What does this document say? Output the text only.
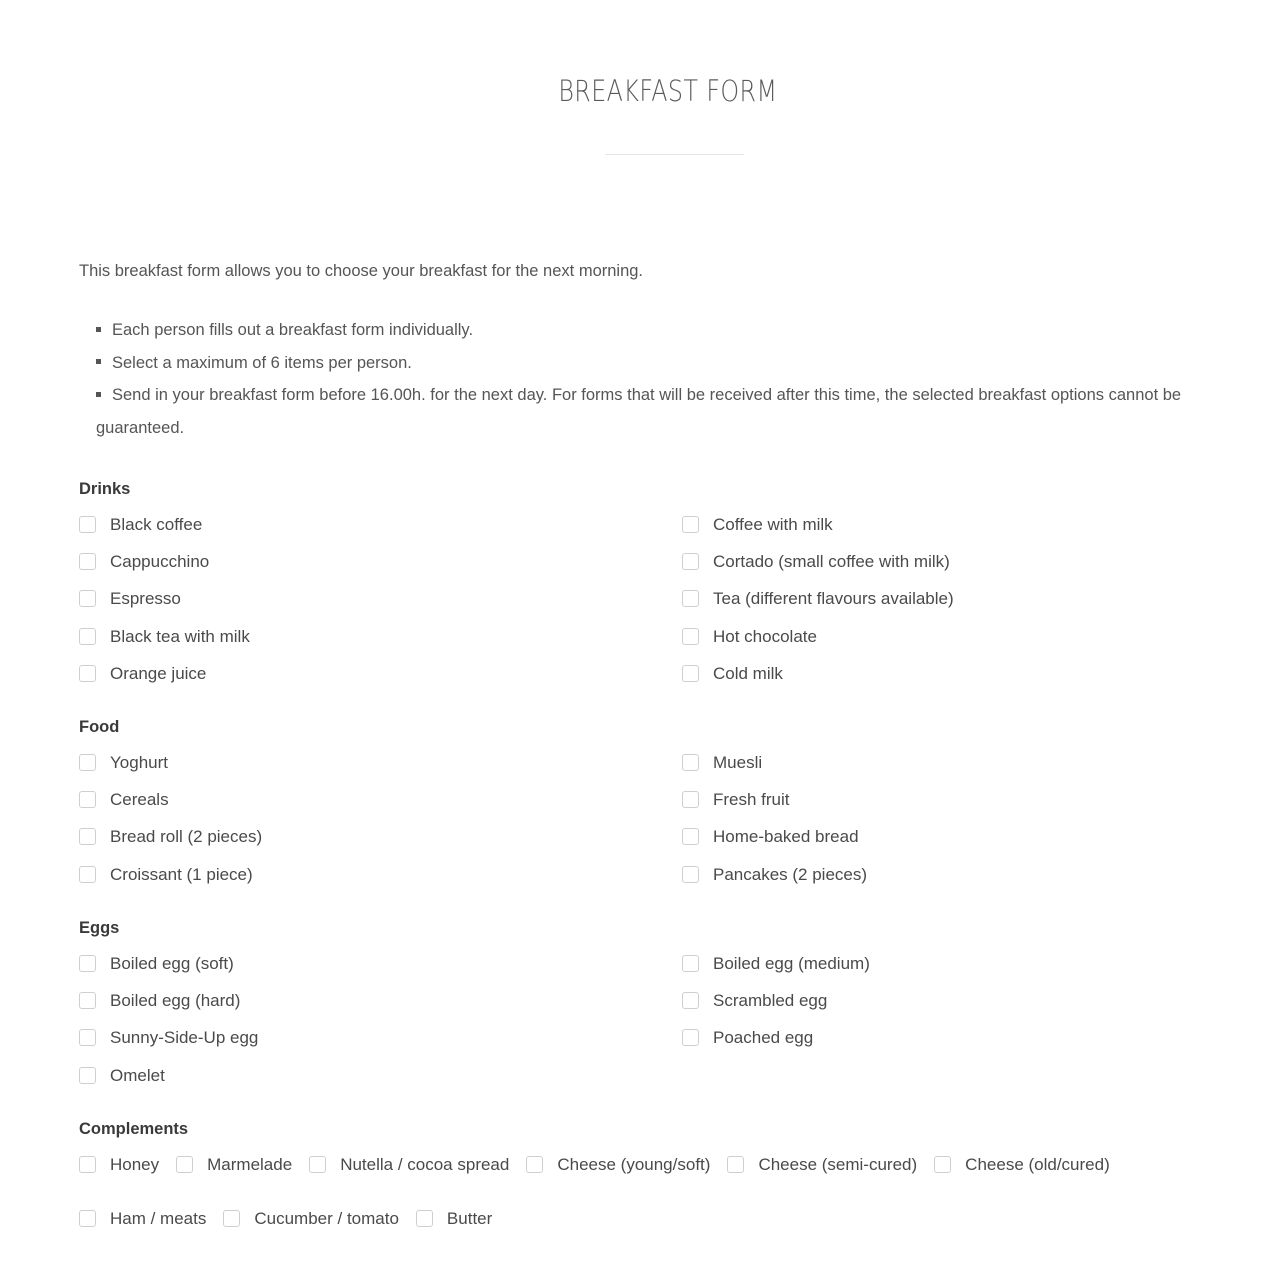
BREAKFAST FORM
This breakfast form allows you to choose your breakfast for the next morning.
Each person fills out a breakfast form individually.
Select a maximum of 6 items per person.
Send in your breakfast form before 16.00h. for the next day. For forms that will be received after this time, the selected breakfast options cannot be guaranteed.
Drinks
Black coffee	Coffee with milk
Cappucchino	Cortado (small coffee with milk)
Espresso	Tea (different flavours available)
Black tea with milk	Hot chocolate
Orange juice	Cold milk
Food
Yoghurt	Muesli
Cereals	Fresh fruit
Bread roll (2 pieces)	Home-baked bread
Croissant (1 piece)	Pancakes (2 pieces)
Eggs
Boiled egg (soft)	Boiled egg (medium)
Boiled egg (hard)	Scrambled egg
Sunny-Side-Up egg	Poached egg
Omelet
Complements
Honey	Marmelade	Nutella / cocoa spread	Cheese (young/soft)	Cheese (semi-cured)	Cheese (old/cured)
Ham / meats	Cucumber / tomato	Butter
